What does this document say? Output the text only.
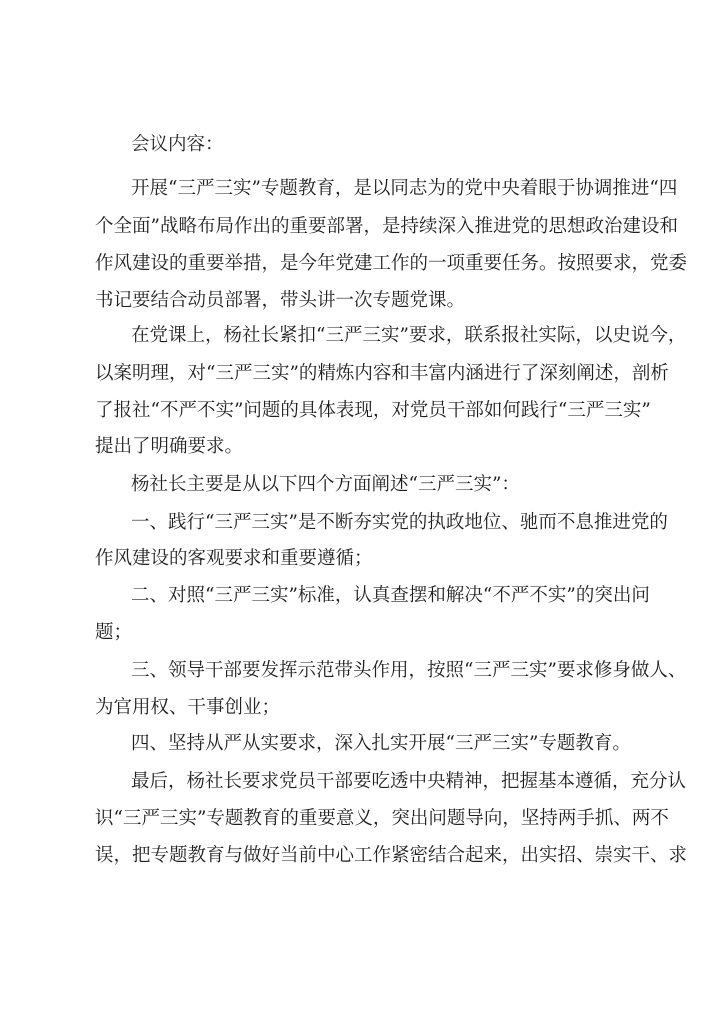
会议内容：
开展“三严三实”专题教育，是以同志为的党中央着眼于协调推进“四
个全面”战略布局作出的重要部署，是持续深入推进党的思想政治建设和
作风建设的重要举措，是今年党建工作的一项重要任务。按照要求，党委
书记要结合动员部署，带头讲一次专题党课。
在党课上，杨社长紧扣“三严三实”要求，联系报社实际，以史说今，
以案明理，对“三严三实”的精炼内容和丰富内涵进行了深刻阐述，剖析
了报社“不严不实”问题的具体表现，对党员干部如何践行“三严三实”
提出了明确要求。
杨社长主要是从以下四个方面阐述“三严三实”：
一、践行“三严三实”是不断夯实党的执政地位、驰而不息推进党的
作风建设的客观要求和重要遵循；
二、对照“三严三实”标准，认真查摆和解决“不严不实”的突出问
题；
三、领导干部要发挥示范带头作用，按照“三严三实”要求修身做人、
为官用权、干事创业；
四、坚持从严从实要求，深入扎实开展“三严三实”专题教育。
最后，杨社长要求党员干部要吃透中央精神，把握基本遵循，充分认
识“三严三实”专题教育的重要意义，突出问题导向，坚持两手抓、两不
误，把专题教育与做好当前中心工作紧密结合起来，出实招、崇实干、求
